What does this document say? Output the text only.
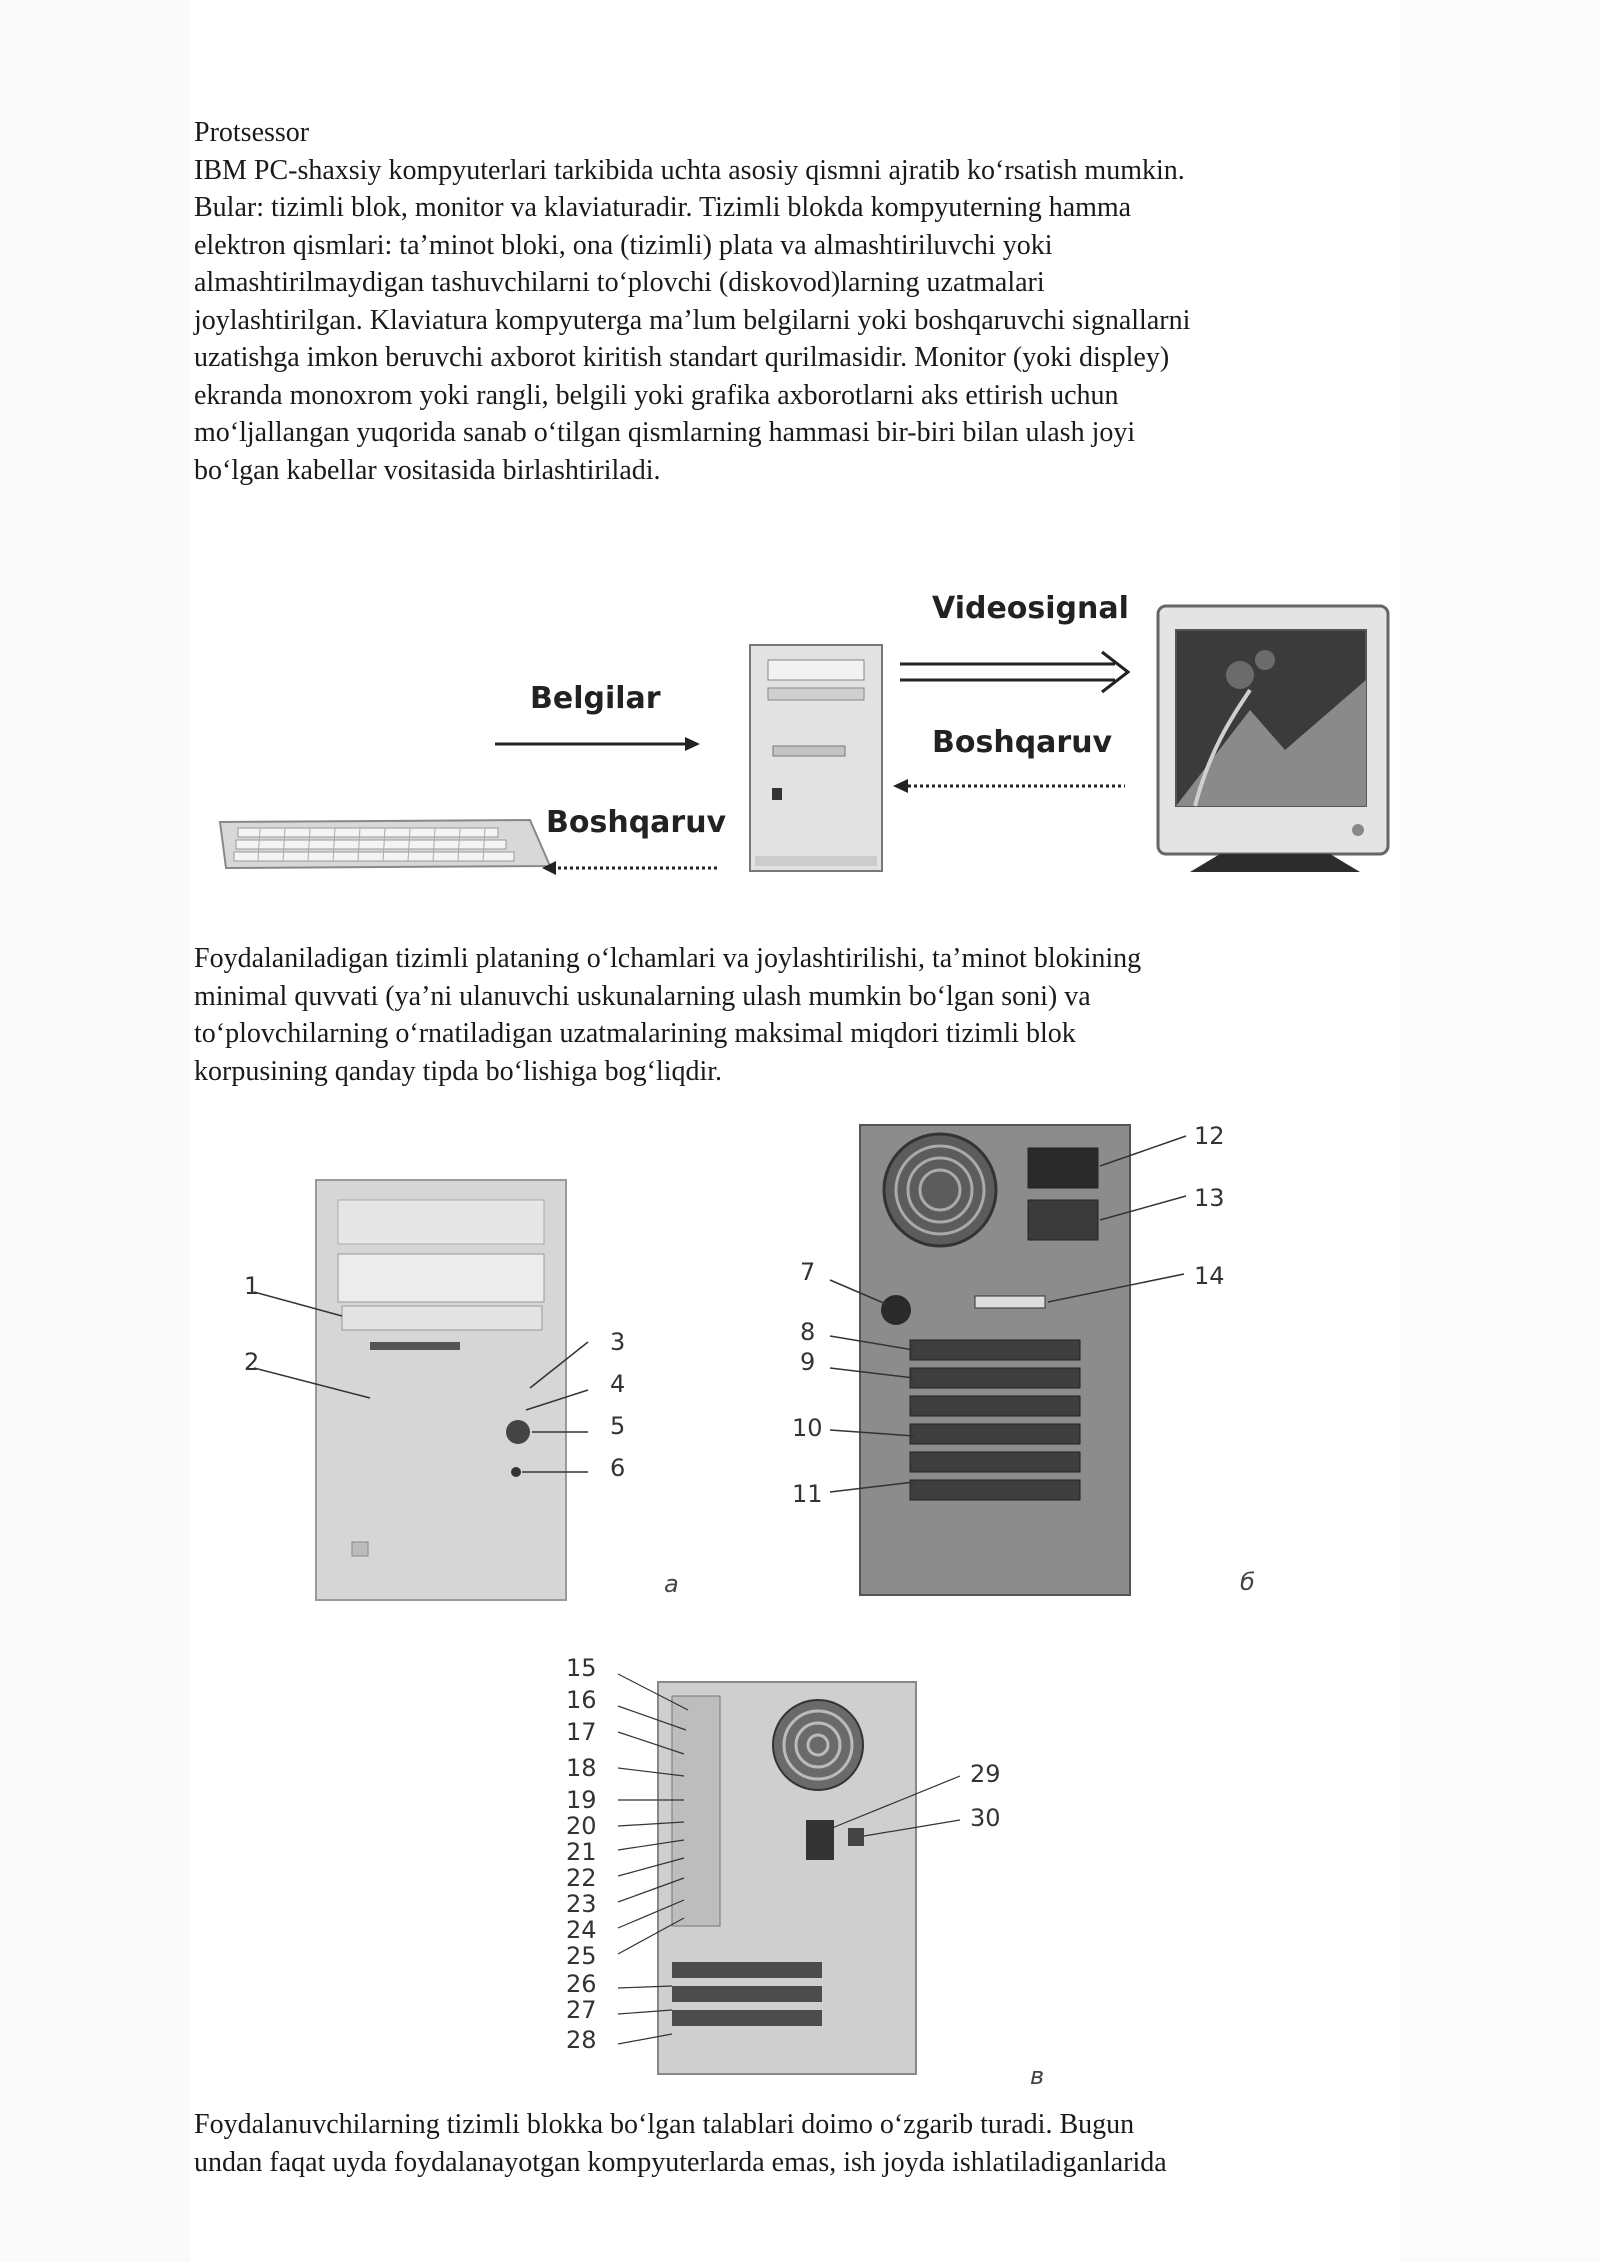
Protsessor

IBM PC-shaxsiy kompyuterlari tarkibida uchta asosiy qismni ajratib ko‘rsatish mumkin.

Bular: tizimli blok, monitor va klaviaturadir. Tizimli blokda kompyuterning hamma

elektron qismlari: ta’minot bloki, ona (tizimli) plata va almashtiriluvchi yoki

almashtirilmaydigan tashuvchilarni to‘plovchi (diskovod)larning uzatmalari

joylashtirilgan. Klaviatura kompyuterga ma’lum belgilarni yoki boshqaruvchi signallarni

uzatishga imkon beruvchi axborot kiritish standart qurilmasidir. Monitor (yoki displey)

ekranda monoxrom yoki rangli, belgili yoki grafika axborotlarni aks ettirish uchun

mo‘ljallangan yuqorida sanab o‘tilgan qismlarning hammasi bir-biri bilan ulash joyi

bo‘lgan kabellar vositasida birlashtiriladi.

Belgilar
Boshqaruv
Videosignal
Boshqaruv

Foydalaniladigan tizimli plataning o‘lchamlari va joylashtirilishi, ta’minot blokining

minimal quvvati (ya’ni ulanuvchi uskunalarning ulash mumkin bo‘lgan soni) va

to‘plovchilarning o‘rnatiladigan uzatmalarining maksimal miqdori tizimli blok

korpusining qanday tipda bo‘lishiga bog‘liqdir.

1
2
3
4
5
6
a
12
13
7	14
8
9
10
11
б
15
16
17
18
19
20
21
22
23
24
25
26
27
28
29
30
в

Foydalanuvchilarning tizimli blokka bo‘lgan talablari doimo o‘zgarib turadi. Bugun

undan faqat uyda foydalanayotgan kompyuterlarda emas, ish joyda ishlatiladiganlarida
